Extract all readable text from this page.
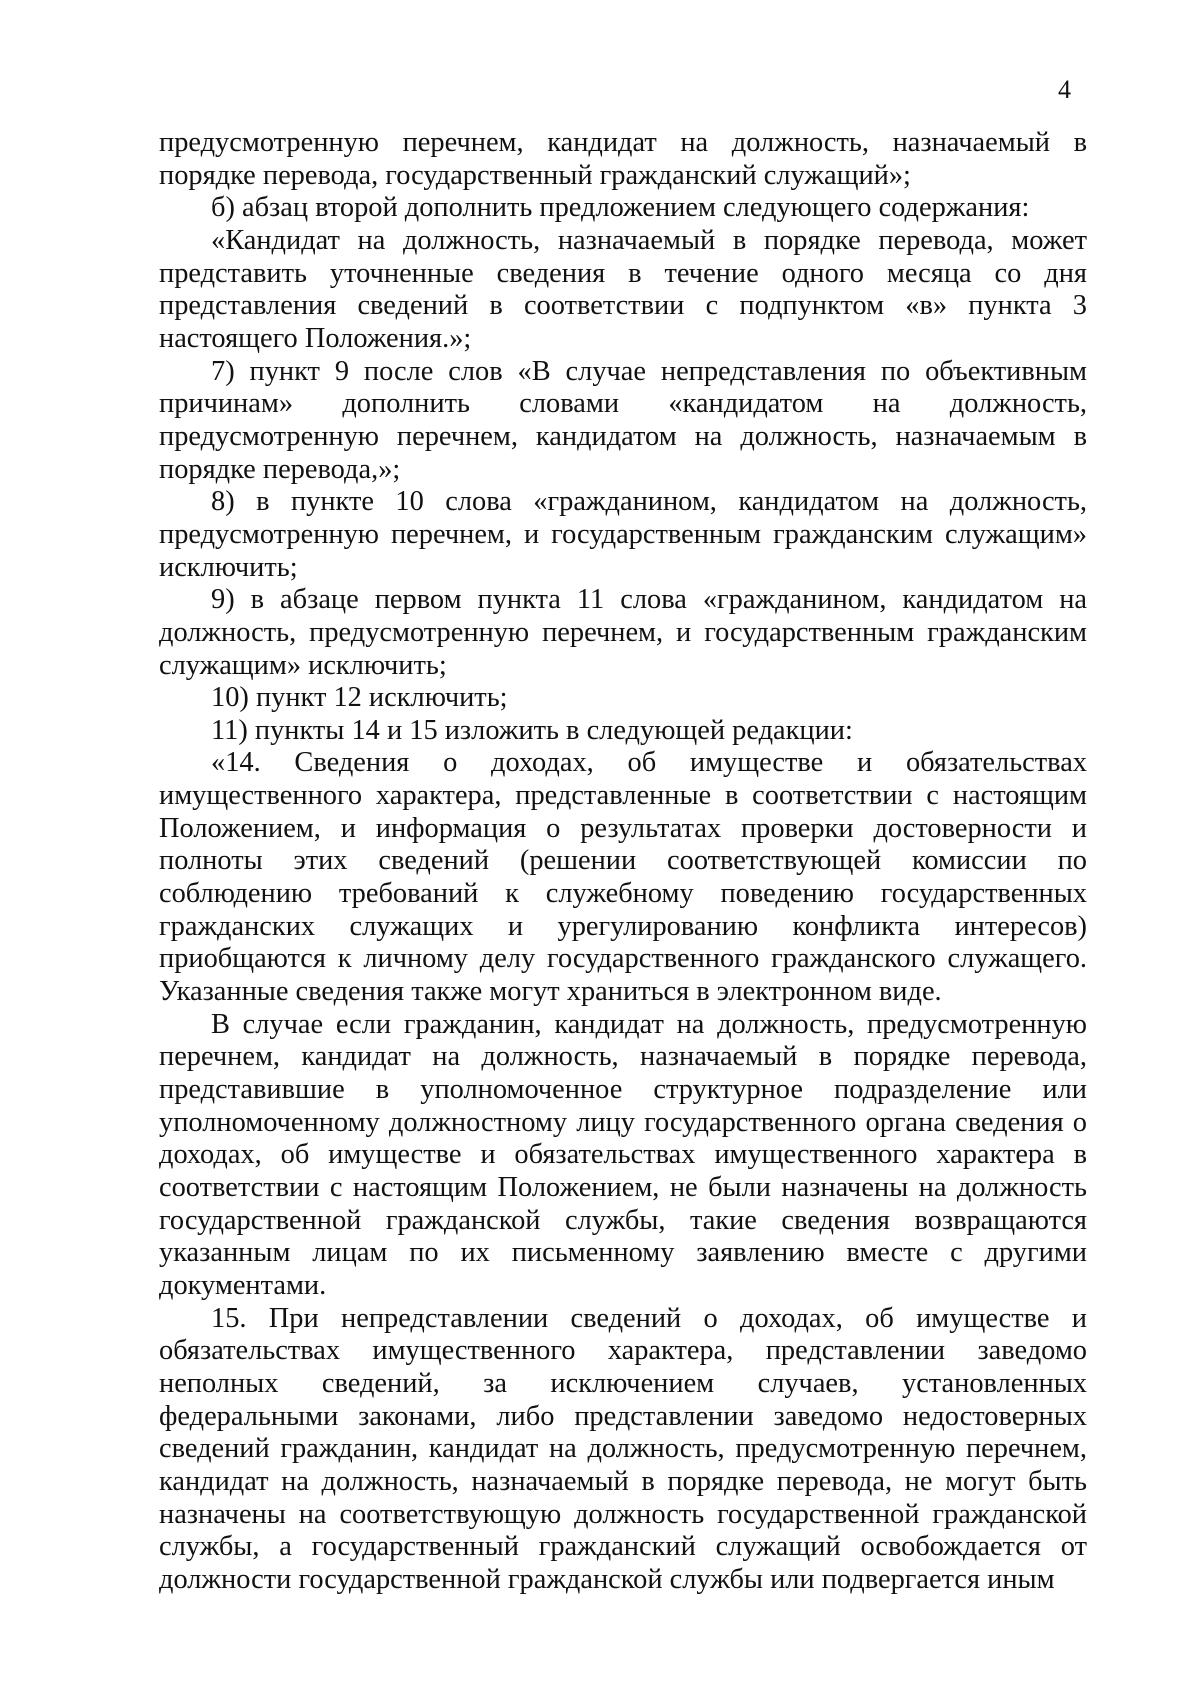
4

предусмотренную перечнем, кандидат на должность, назначаемый в порядке перевода, государственный гражданский служащий»;

б) абзац второй дополнить предложением следующего содержания:

«Кандидат на должность, назначаемый в порядке перевода, может представить уточненные сведения в течение одного месяца со дня представления сведений в соответствии с подпунктом «в» пункта 3 настоящего Положения.»;

7) пункт 9 после слов «В случае непредставления по объективным причинам» дополнить словами «кандидатом на должность, предусмотренную перечнем, кандидатом на должность, назначаемым в порядке перевода,»;

8) в пункте 10 слова «гражданином, кандидатом на должность, предусмотренную перечнем, и государственным гражданским служащим» исключить;

9) в абзаце первом пункта 11 слова «гражданином, кандидатом на должность, предусмотренную перечнем, и государственным гражданским служащим» исключить;

10) пункт 12 исключить;

11) пункты 14 и 15 изложить в следующей редакции:

«14. Сведения о доходах, об имуществе и обязательствах имущественного характера, представленные в соответствии с настоящим Положением, и информация о результатах проверки достоверности и полноты этих сведений (решении соответствующей комиссии по соблюдению требований к служебному поведению государственных гражданских служащих и урегулированию конфликта интересов) приобщаются к личному делу государственного гражданского служащего. Указанные сведения также могут храниться в электронном виде.

В случае если гражданин, кандидат на должность, предусмотренную перечнем, кандидат на должность, назначаемый в порядке перевода, представившие в уполномоченное структурное подразделение или уполномоченному должностному лицу государственного органа сведения о доходах, об имуществе и обязательствах имущественного характера в соответствии с настоящим Положением, не были назначены на должность государственной гражданской службы, такие сведения возвращаются указанным лицам по их письменному заявлению вместе с другими документами.

15. При непредставлении сведений о доходах, об имуществе и обязательствах имущественного характера, представлении заведомо неполных сведений, за исключением случаев, установленных федеральными законами, либо представлении заведомо недостоверных сведений гражданин, кандидат на должность, предусмотренную перечнем, кандидат на должность, назначаемый в порядке перевода, не могут быть назначены на соответствующую должность государственной гражданской службы, а государственный гражданский служащий освобождается от должности государственной гражданской службы или подвергается иным
